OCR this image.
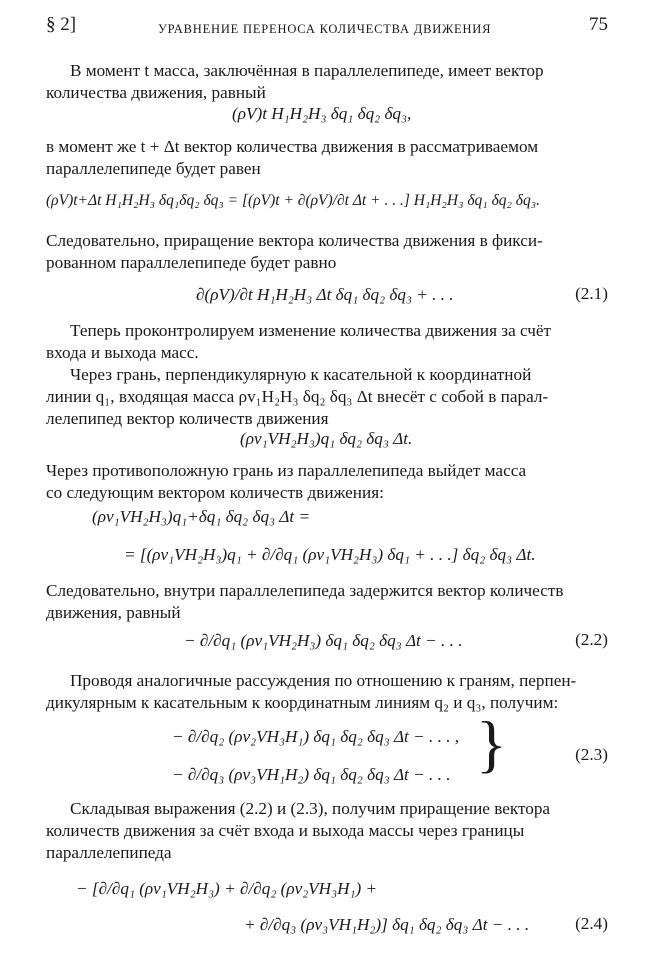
§ 2]	УРАВНЕНИЕ ПЕРЕНОСА КОЛИЧЕСТВА ДВИЖЕНИЯ	75
В момент t масса, заключённая в параллелепипеде, имеет вектор
количества движения, равный
(ρV)t H₁H₂H₃ δq₁ δq₂ δq₃,
в момент же t + Δt вектор количества движения в рассматриваемом
параллелепипеде будет равен
(ρV)t+Δt H₁H₂H₃ δq₁δq₂ δq₃ = [(ρV)t + ∂(ρV)/∂t Δt + . . .] H₁H₂H₃ δq₁ δq₂ δq₃.
Следовательно, приращение вектора количества движения в фикси-
рованном параллелепипеде будет равно
∂(ρV)/∂t H₁H₂H₃ Δt δq₁ δq₂ δq₃ + . . .	(2.1)
Теперь проконтролируем изменение количества движения за счёт
входа и выхода масс.
Через грань, перпендикулярную к касательной к координатной
линии q₁, входящая масса ρv₁H₂H₃ δq₂ δq₃ Δt внесёт с собой в парал-
лелепипед вектор количеств движения
(ρv₁VH₂H₃)q₁ δq₂ δq₃ Δt.
Через противоположную грань из параллелепипеда выйдет масса
со следующим вектором количеств движения:
(ρv₁VH₂H₃)q₁+δq₁ δq₂ δq₃ Δt =
= [(ρv₁VH₂H₃)q₁ + ∂/∂q₁ (ρv₁VH₂H₃) δq₁ + . . .] δq₂ δq₃ Δt.
Следовательно, внутри параллелепипеда задержится вектор количеств
движения, равный
− ∂/∂q₁ (ρv₁VH₂H₃) δq₁ δq₂ δq₃ Δt − . . .	(2.2)
Проводя аналогичные рассуждения по отношению к граням, перпен-
дикулярным к касательным к координатным линиям q₂ и q₃, получим:
− ∂/∂q₂ (ρv₂VH₃H₁) δq₁ δq₂ δq₃ Δt − . . . ,
− ∂/∂q₃ (ρv₃VH₁H₂) δq₁ δq₂ δq₃ Δt − . . . }	(2.3)
Складывая выражения (2.2) и (2.3), получим приращение вектора
количеств движения за счёт входа и выхода массы через границы
параллелепипеда
− [∂/∂q₁ (ρv₁VH₂H₃) + ∂/∂q₂ (ρv₂VH₃H₁) +
+ ∂/∂q₃ (ρv₃VH₁H₂)] δq₁ δq₂ δq₃ Δt − . . .	(2.4)
